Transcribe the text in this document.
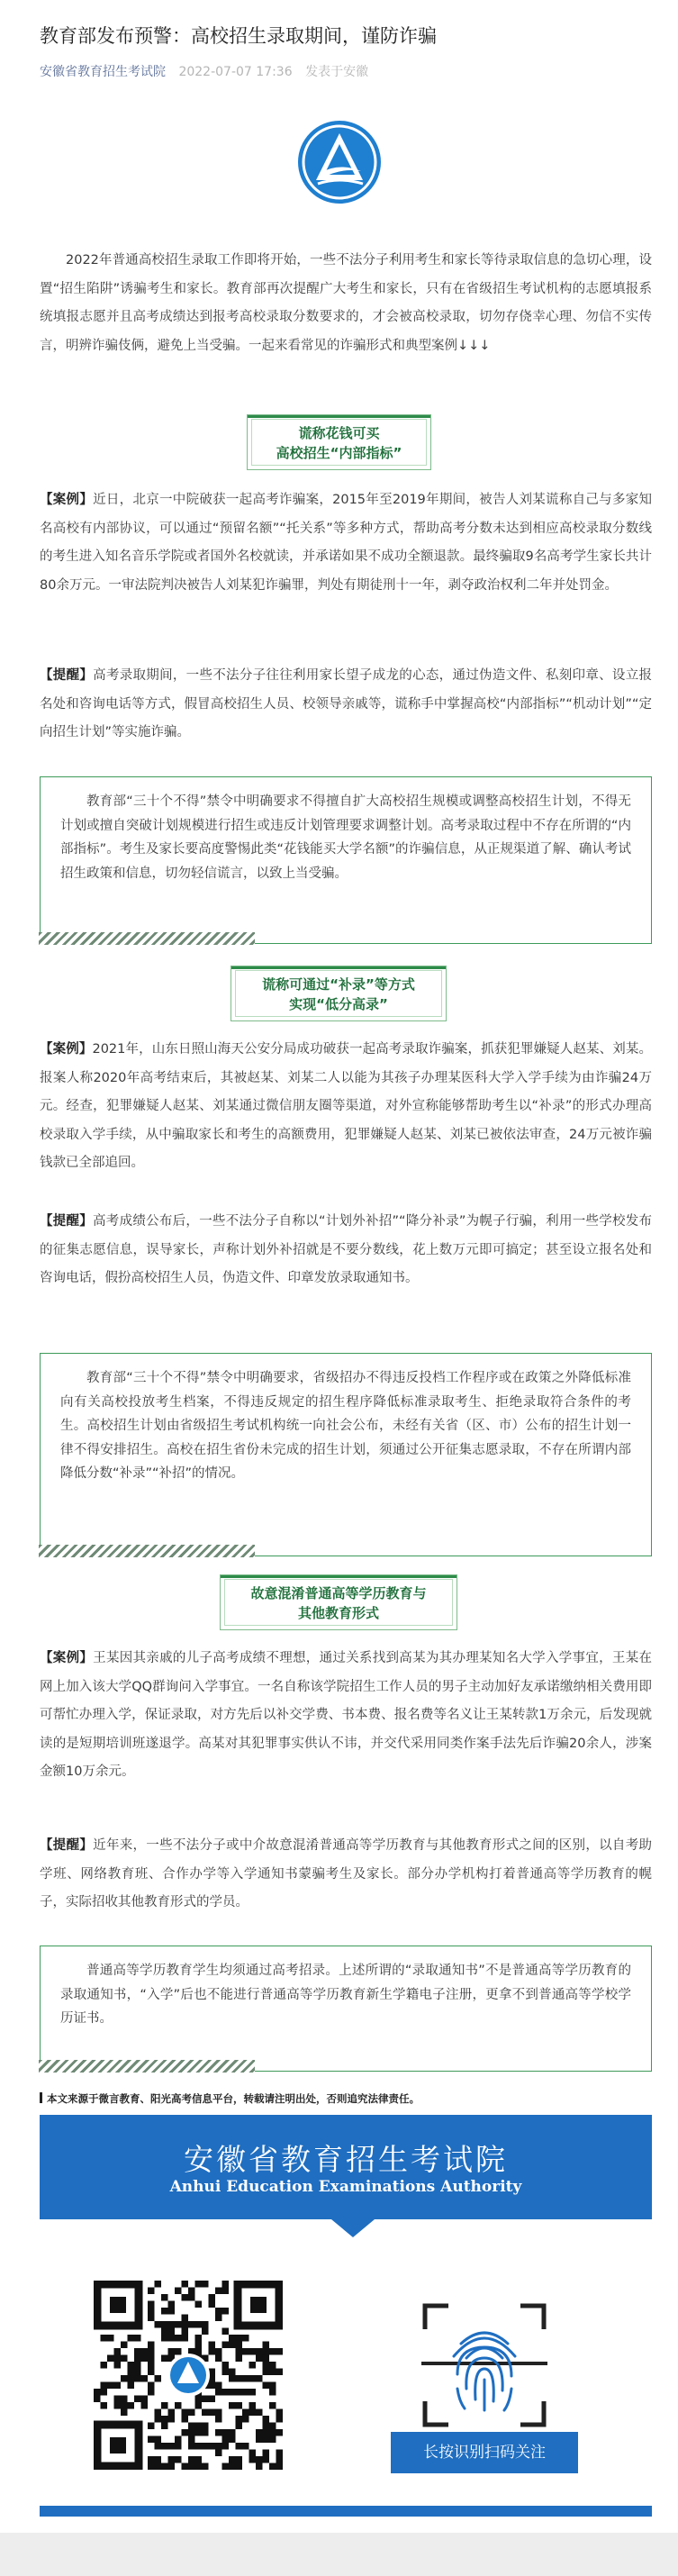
教育部发布预警：高校招生录取期间，谨防诈骗
安徽省教育招生考试院 2022-07-07 17:36 发表于安徽

2022年普通高校招生录取工作即将开始，一些不法分子利用考生和家长等待录取信息的急切心理，设置“招生陷阱”诱骗考生和家长。教育部再次提醒广大考生和家长，只有在省级招生考试机构的志愿填报系统填报志愿并且高考成绩达到报考高校录取分数要求的，才会被高校录取，切勿存侥幸心理、勿信不实传言，明辨诈骗伎俩，避免上当受骗。一起来看常见的诈骗形式和典型案例↓↓↓

谎称花钱可买
高校招生“内部指标”

【案例】近日，北京一中院破获一起高考诈骗案，2015年至2019年期间，被告人刘某谎称自己与多家知名高校有内部协议，可以通过“预留名额”“托关系”等多种方式，帮助高考分数未达到相应高校录取分数线的考生进入知名音乐学院或者国外名校就读，并承诺如果不成功全额退款。最终骗取9名高考学生家长共计80余万元。一审法院判决被告人刘某犯诈骗罪，判处有期徒刑十一年，剥夺政治权利二年并处罚金。

【提醒】高考录取期间，一些不法分子往往利用家长望子成龙的心态，通过伪造文件、私刻印章、设立报名处和咨询电话等方式，假冒高校招生人员、校领导亲戚等，谎称手中掌握高校“内部指标”“机动计划”“定向招生计划”等实施诈骗。

教育部“三十个不得”禁令中明确要求不得擅自扩大高校招生规模或调整高校招生计划，不得无计划或擅自突破计划规模进行招生或违反计划管理要求调整计划。高考录取过程中不存在所谓的“内部指标”。考生及家长要高度警惕此类“花钱能买大学名额”的诈骗信息，从正规渠道了解、确认考试招生政策和信息，切勿轻信谎言，以致上当受骗。

谎称可通过“补录”等方式
实现“低分高录”

【案例】2021年，山东日照山海天公安分局成功破获一起高考录取诈骗案，抓获犯罪嫌疑人赵某、刘某。报案人称2020年高考结束后，其被赵某、刘某二人以能为其孩子办理某医科大学入学手续为由诈骗24万元。经查，犯罪嫌疑人赵某、刘某通过微信朋友圈等渠道，对外宣称能够帮助考生以“补录”的形式办理高校录取入学手续，从中骗取家长和考生的高额费用，犯罪嫌疑人赵某、刘某已被依法审查，24万元被诈骗钱款已全部追回。

【提醒】高考成绩公布后，一些不法分子自称以“计划外补招”“降分补录”为幌子行骗，利用一些学校发布的征集志愿信息，误导家长，声称计划外补招就是不要分数线，花上数万元即可搞定；甚至设立报名处和咨询电话，假扮高校招生人员，伪造文件、印章发放录取通知书。

教育部“三十个不得”禁令中明确要求，省级招办不得违反投档工作程序或在政策之外降低标准向有关高校投放考生档案，不得违反规定的招生程序降低标准录取考生、拒绝录取符合条件的考生。高校招生计划由省级招生考试机构统一向社会公布，未经有关省（区、市）公布的招生计划一律不得安排招生。高校在招生省份未完成的招生计划，须通过公开征集志愿录取，不存在所谓内部降低分数“补录”“补招”的情况。

故意混淆普通高等学历教育与
其他教育形式

【案例】王某因其亲戚的儿子高考成绩不理想，通过关系找到高某为其办理某知名大学入学事宜，王某在网上加入该大学QQ群询问入学事宜。一名自称该学院招生工作人员的男子主动加好友承诺缴纳相关费用即可帮忙办理入学，保证录取，对方先后以补交学费、书本费、报名费等名义让王某转款1万余元，后发现就读的是短期培训班遂退学。高某对其犯罪事实供认不讳，并交代采用同类作案手法先后诈骗20余人，涉案金额10万余元。

【提醒】近年来，一些不法分子或中介故意混淆普通高等学历教育与其他教育形式之间的区别，以自考助学班、网络教育班、合作办学等入学通知书蒙骗考生及家长。部分办学机构打着普通高等学历教育的幌子，实际招收其他教育形式的学员。

普通高等学历教育学生均须通过高考招录。上述所谓的“录取通知书”不是普通高等学历教育的录取通知书，“入学”后也不能进行普通高等学历教育新生学籍电子注册，更拿不到普通高等学校学历证书。

本文来源于微言教育、阳光高考信息平台，转载请注明出处，否则追究法律责任。
安徽省教育招生考试院
Anhui Education Examinations Authority
长按识别扫码关注
